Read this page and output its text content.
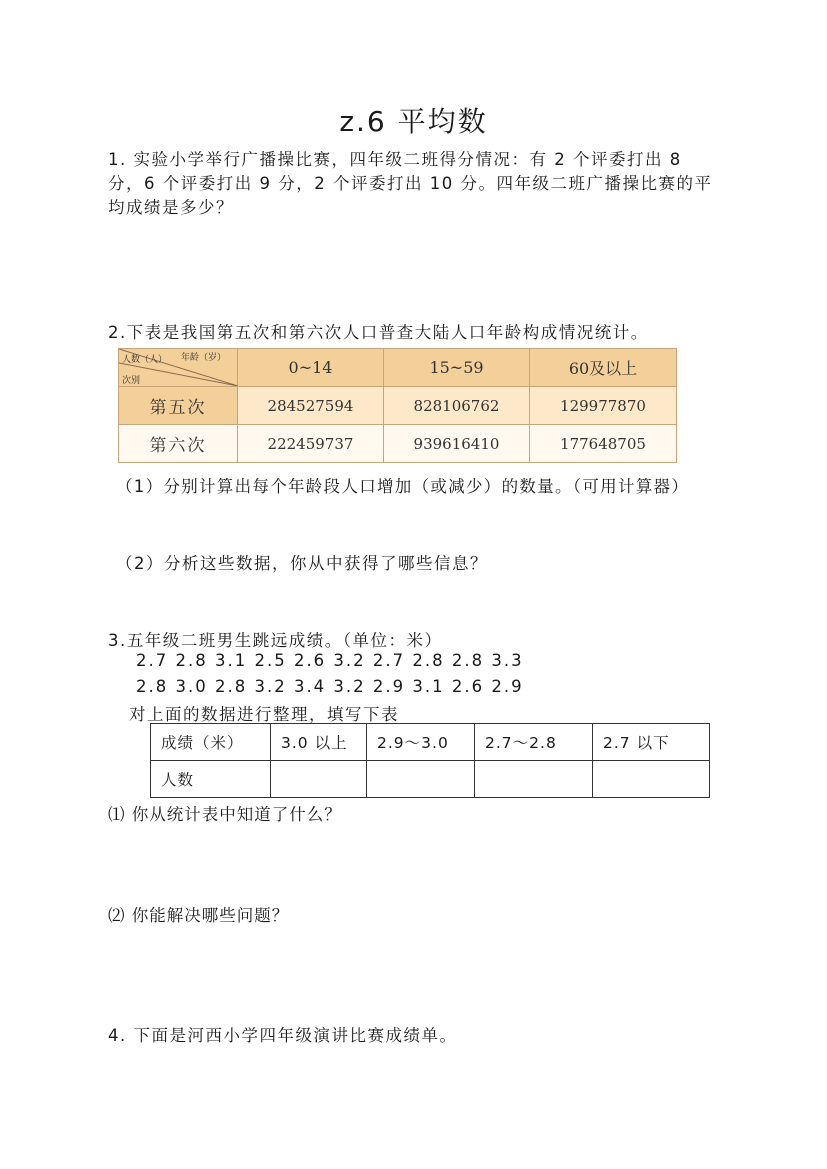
z.6 平均数
1. 实验小学举行广播操比赛，四年级二班得分情况：有 2 个评委打出 8
分，6 个评委打出 9 分，2 个评委打出 10 分。四年级二班广播操比赛的平
均成绩是多少？
2.下表是我国第五次和第六次人口普查大陆人口年龄构成情况统计。
年龄（岁）
人数（人）
次别	0~14	15~59	60及以上
第五次	284527594	828106762	129977870
第六次	222459737	939616410	177648705
（1）分别计算出每个年龄段人口增加（或减少）的数量。（可用计算器）
（2）分析这些数据，你从中获得了哪些信息？
3.五年级二班男生跳远成绩。（单位：米）
2.7 2.8 3.1 2.5 2.6 3.2 2.7 2.8 2.8 3.3
2.8 3.0 2.8 3.2 3.4 3.2 2.9 3.1 2.6 2.9
对上面的数据进行整理，填写下表
成绩（米）	3.0 以上	2.9～3.0	2.7～2.8	2.7 以下
人数				
⑴ 你从统计表中知道了什么？
⑵ 你能解决哪些问题？
4. 下面是河西小学四年级演讲比赛成绩单。
